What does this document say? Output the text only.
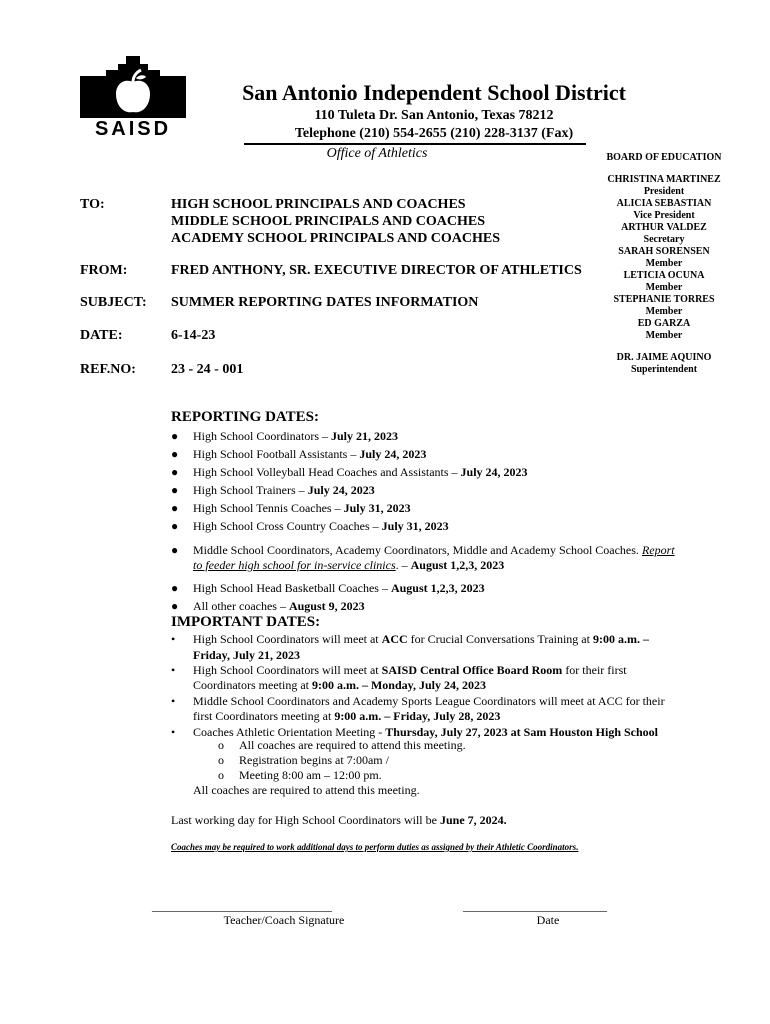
SAISD
San Antonio Independent School District
110 Tuleta Dr. San Antonio, Texas 78212
Telephone (210) 554-2655 (210) 228-3137 (Fax)
Office of Athletics	BOARD OF EDUCATION
CHRISTINA MARTINEZ
President
ALICIA SEBASTIAN
Vice President
ARTHUR VALDEZ
Secretary
SARAH SORENSEN
Member
LETICIA OCUNA
Member
STEPHANIE TORRES
Member
ED GARZA
Member
DR. JAIME AQUINO
Superintendent
TO:	HIGH SCHOOL PRINCIPALS AND COACHES
MIDDLE SCHOOL PRINCIPALS AND COACHES
ACADEMY SCHOOL PRINCIPALS AND COACHES
FROM:	FRED ANTHONY, SR. EXECUTIVE DIRECTOR OF ATHLETICS
SUBJECT: SUMMER REPORTING DATES INFORMATION
DATE:	6-14-23
REF.NO:	23 - 24 - 001
REPORTING DATES:
● High School Coordinators – July 21, 2023
● High School Football Assistants – July 24, 2023
● High School Volleyball Head Coaches and Assistants – July 24, 2023
● High School Trainers – July 24, 2023
● High School Tennis Coaches – July 31, 2023
● High School Cross Country Coaches – July 31, 2023
● Middle School Coordinators, Academy Coordinators, Middle and Academy School Coaches. Report
to feeder high school for in-service clinics. – August 1,2,3, 2023
● High School Head Basketball Coaches – August 1,2,3, 2023
● All other coaches – August 9, 2023
IMPORTANT DATES:
• High School Coordinators will meet at ACC for Crucial Conversations Training at 9:00 a.m. –
Friday, July 21, 2023
• High School Coordinators will meet at SAISD Central Office Board Room for their first
Coordinators meeting at 9:00 a.m. – Monday, July 24, 2023
• Middle School Coordinators and Academy Sports League Coordinators will meet at ACC for their
first Coordinators meeting at 9:00 a.m. – Friday, July 28, 2023
• Coaches Athletic Orientation Meeting - Thursday, July 27, 2023 at Sam Houston High School
o All coaches are required to attend this meeting.
o Registration begins at 7:00am /
o Meeting 8:00 am – 12:00 pm.
All coaches are required to attend this meeting.
Last working day for High School Coordinators will be June 7, 2024.
Coaches may be required to work additional days to perform duties as assigned by their Athletic Coordinators.
______________________________
Teacher/Coach Signature
________________________
Date
